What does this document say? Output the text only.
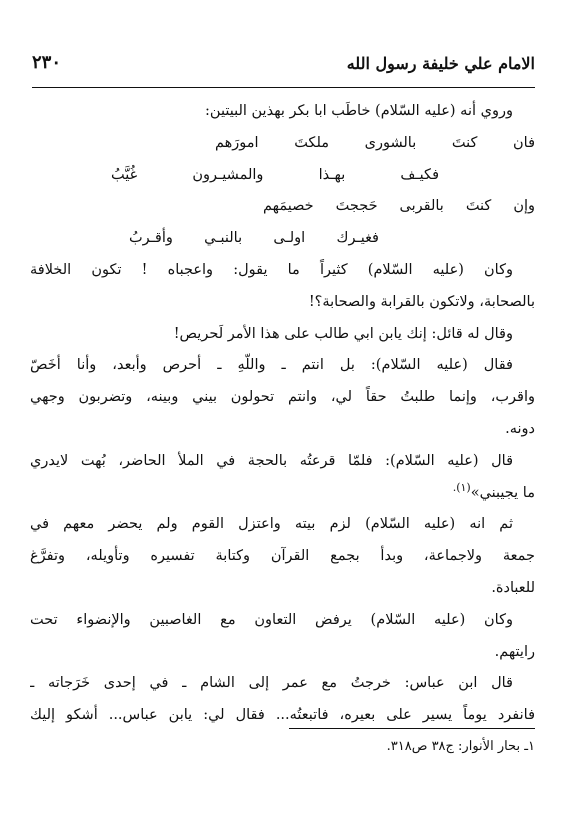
الامام علي خليفة رسول الله
٢٣٠
وروي أنه (عليه السّلام) خاطَب ابا بكر بهذين البيتين:
فان كنتَ بالشورى ملكتَ امورَهم
فكيـف بهـذا والمشيـرون غُيَّبُ
وإن كنتَ بالقربى حَججتَ خصيمَهم
فغيـرك اولـى بالنبـي وأقـربُ
وكان (عليه السّلام) كثيراً ما يقول: واعجباه ! تكون الخلافة
بالصحابة، ولاتكون بالقرابة والصحابة؟!
وقال له قائل: إنك يابن ابي طالب على هذا الأمر لَحريص!
فقال (عليه السّلام): بل انتم ـ واللّهِ ـ أحرص وأبعد، وأنا أخَصّ
واقرب، وإنما طلبتُ حقاً لي، وانتم تحولون بيني وبينه، وتضربون وجهي
دونه.
قال (عليه السّلام): فلمّا قرعتُه بالحجة في الملأ الحاضر، بُهت لايدري
ما يجيبني»$^{(١).}$
ثم انه (عليه السّلام) لزم بيته واعتزل القوم ولم يحضر معهم في
جمعة ولاجماعة، وبدأ بجمع القرآن وكتابة تفسيره وتأويله، وتفرَّغ
للعبادة.
وكان (عليه السّلام) يرفض التعاون مع الغاصبين والإنضواء تحت
رايتهم.
قال ابن عباس: خرجتُ مع عمر إلى الشام ـ في إحدى خَرَجاته ـ
فانفرد يوماً يسير على بعيره، فاتبعتُه... فقال لي: يابن عباس... أشكو إليك
١ـ بحار الأنوار: ج٣٨ ص٣١٨.
